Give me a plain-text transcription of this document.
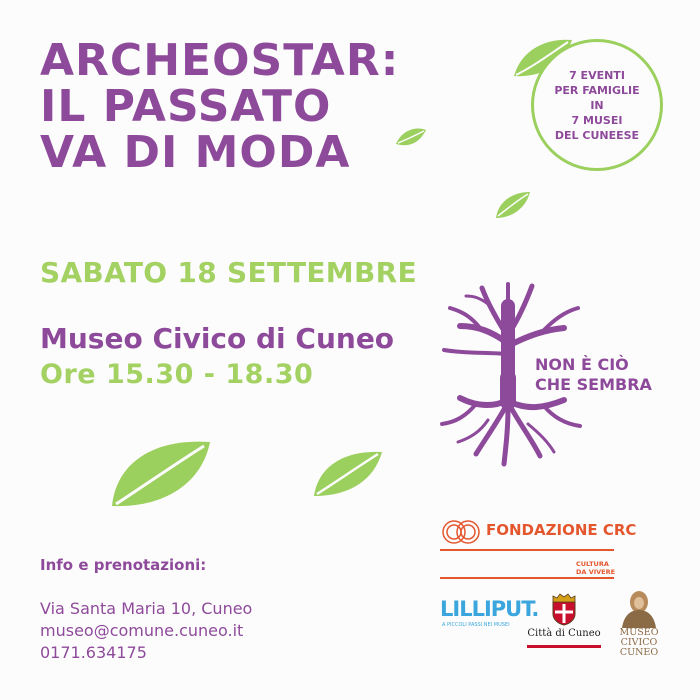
ARCHEOSTAR:
IL PASSATO
VA DI MODA
7 EVENTI
PER FAMIGLIE IN
7 MUSEI
DEL CUNEESE
SABATO 18 SETTEMBRE
Museo Civico di Cuneo
Ore 15.30 - 18.30	NON È CIÒ
CHE SEMBRA
Info e prenotazioni:
Via Santa Maria 10, Cuneo
museo@comune.cuneo.it
0171.634175
FONDAZIONE CRC
CULTURA
DA VIVERE
LILLIPUT.
A PICCOLI PASSI NEI MUSEI
Città di Cuneo	MUSEO
CIVICO
CUNEO
